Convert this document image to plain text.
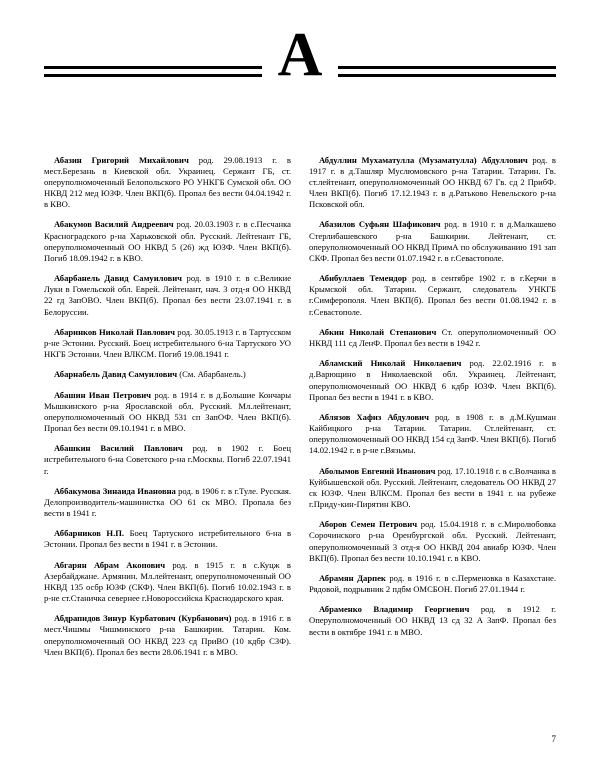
А

Абазин Григорий Михайлович род. 29.08.1913 г. в мест.Березань в Киевской обл. Украинец. Сержант ГБ, ст. оперуполномоченный Белопольского РО УНКГБ Сумской обл. ОО НКВД 212 мед ЮЗФ. Член ВКП(б). Пропал без вести 04.04.1942 г. в КВО.

Абакумов Василий Андреевич род. 20.03.1903 г. в с.Песчанка Красноградского р-на Харьковской обл. Русский. Лейтенант ГБ, оперуполномоченный ОО НКВД 5 (26) жд ЮЗФ. Член ВКП(б). Погиб 18.09.1942 г. в КВО.

Абарбанель Давид Самуилович род. в 1910 г. в с.Великие Луки в Гомельской обл. Еврей. Лейтенант, нач. 3 отд-я ОО НКВД 22 гд ЗапОВО. Член ВКП(б). Пропал без вести 23.07.1941 г. в Белоруссии.

Абаринков Николай Павлович род. 30.05.1913 г. в Тартусском р-не Эстонии. Русский. Боец истребительного 6-на Тартуского УО НКГБ Эстонии. Член ВЛКСМ. Погиб 19.08.1941 г.

Абарнабель Давид Самуилович (См. Абарбанель.)

Абашин Иван Петрович род. в 1914 г. в д.Большие Кончары Мышкинского р-на Ярославской обл. Русский. Мл.лейтенант, оперуполномоченный ОО НКВД 531 сп ЗапОФ. Член ВКП(б). Пропал без вести 09.10.1941 г. в МВО.

Абашкин Василий Павлович род. в 1902 г. Боец истребительного 6-на Советского р-на г.Москвы. Погиб 22.07.1941 г.

Аббакумова Зинаида Ивановна род. в 1906 г. в г.Туле. Русская. Делопроизводитель-машинистка ОО 61 ск МВО. Пропала без вести в 1941 г.

Аббарников Н.П. Боец Тартуского истребительного 6-на в Эстонии. Пропал без вести в 1941 г. в Эстонии.

Абгарян Абрам Акопович род. в 1915 г. в с.Куцж в Азербайджане. Армянин. Мл.лейтенант, оперуполномоченный ОО НКВД 135 осбр ЮЗФ (СКФ). Член ВКП(б). Погиб 10.02.1943 г. в р-не ст.Станичка севернее г.Новороссийска Краснодарского края.

Абдрапидов Зинур Курбатович (Курбанович) род. в 1916 г. в мест.Чишмы Чишминского р-на Башкирии. Татарин. Ком. оперуполномоченный ОО НКВД 223 сд ПриВО (10 кдбр СЗФ). Член ВКП(б). Пропал без вести 28.06.1941 г. в МВО.

Абдуллин Мухаматулла (Музаматулла) Абдуллович род. в 1917 г. в д.Ташляр Муслюмовского р-на Татарии. Татарин. Гв. ст.лейтенант, оперуполномоченный ОО НКВД 67 Гв. сд 2 ПрибФ. Член ВКП(б). Погиб 17.12.1943 г. в д.Ратьково Невельского р-на Псковской обл.

Абазилов Суфьян Шафикович род. в 1910 г. в д.Малкашево Стерлибашевского р-на Башкирии. Лейтенант, ст. оперуполномоченный ОО НКВД ПримА по обслуживанию 191 зап СКФ. Пропал без вести 01.07.1942 г. в г.Севастополе.

Абибуллаев Темендор род. в сентябре 1902 г. в г.Керчи в Крымской обл. Татарин. Сержант, следователь УНКГБ г.Симферополя. Член ВКП(б). Пропал без вести 01.08.1942 г. в г.Севастополе.

Абкин Николай Степанович Ст. оперуполномоченный ОО НКВД 111 сд ЛенФ. Пропал без вести в 1942 г.

Абламский Николай Николаевич род. 22.02.1916 г. в д.Варющино в Николаевской обл. Украинец. Лейтенант, оперуполномоченный ОО НКВД 6 кдбр ЮЗФ. Член ВКП(б). Пропал без вести в 1941 г. в КВО.

Аблязов Хафиз Абдулович род. в 1908 г. в д.М.Кушман Кайбицкого р-на Татарии. Татарин. Ст.лейтенант, ст. оперуполномоченный ОО НКВД 154 сд ЗапФ. Член ВКП(б). Погиб 14.02.1942 г. в р-не г.Вязьмы.

Аболымов Евгений Иванович род. 17.10.1918 г. в с.Волчанка в Куйбышевской обл. Русский. Лейтенант, следователь ОО НКВД 27 ск ЮЗФ. Член ВЛКСМ. Пропал без вести в 1941 г. на рубеже г.Приду-кин-Пирятин КВО.

Аборов Семен Петрович род. 15.04.1918 г. в с.Миролюбовка Сорочинского р-на Оренбургской обл. Русский. Лейтенант, оперуполномоченный 3 отд-я ОО НКВД 204 авиабр ЮЗФ. Член ВКП(б). Пропал без вести 10.10.1941 г. в КВО.

Абрамян Дарпек род. в 1916 г. в с.Перменовка в Казахстане. Рядовой, подрывник 2 пдбм ОМСБОН. Погиб 27.01.1944 г.

Абраменко Владимир Георгиевич род. в 1912 г. Оперуполномоченный ОО НКВД 13 сд 32 А ЗапФ. Пропал без вести в октябре 1941 г. в МВО.

7
